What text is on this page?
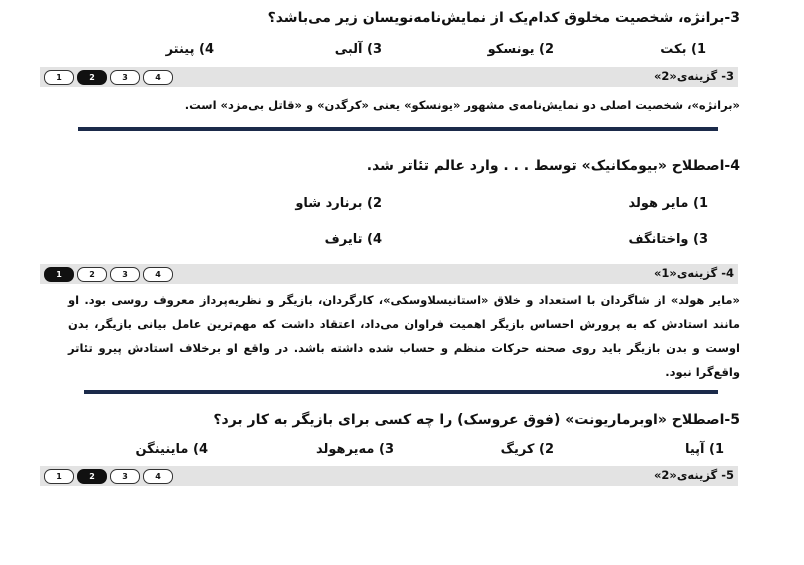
3-برانژه، شخصیت مخلوق کدام‌یک از نمایش‌نامه‌نویسان زیر می‌باشد؟
1) بکت
2) یونسکو
3) آلبی
4) پینتر
3- گزینه‌ی«2»
1	2	3	4
«برانژه»، شخصیت اصلی دو نمایش‌نامه‌ی مشهور «یونسکو» یعنی «کرگدن» و «قاتل بی‌مزد» است.
4-اصطلاح «بیومکانیک» توسط . . . وارد عالم تئاتر شد.
1) مایر هولد
2) برنارد شاو
3) واختانگف
4) تایرف
4- گزینه‌ی«1»
1	2	3	4
«مایر هولد» از شاگردان با استعداد و خلاق «استانیسلاوسکی»، کارگردان، بازیگر و نظریه‌پرداز معروف روسی بود. او مانند استادش که به پرورش احساس بازیگر اهمیت فراوان می‌داد، اعتقاد داشت که مهم‌ترین عامل بیانی بازیگر، بدن اوست و بدن بازیگر باید روی صحنه حرکات منظم و حساب شده داشته باشد. در واقع او برخلاف استادش پیرو تئاتر واقع‌گرا نبود.
5-اصطلاح «اوبرماریونت» (فوق عروسک) را چه کسی برای بازیگر به کار برد؟
1) آپیا
2) کریگ
3) مه‌یرهولد
4) ماینینگن
5- گزینه‌ی«2»
1	2	3	4
